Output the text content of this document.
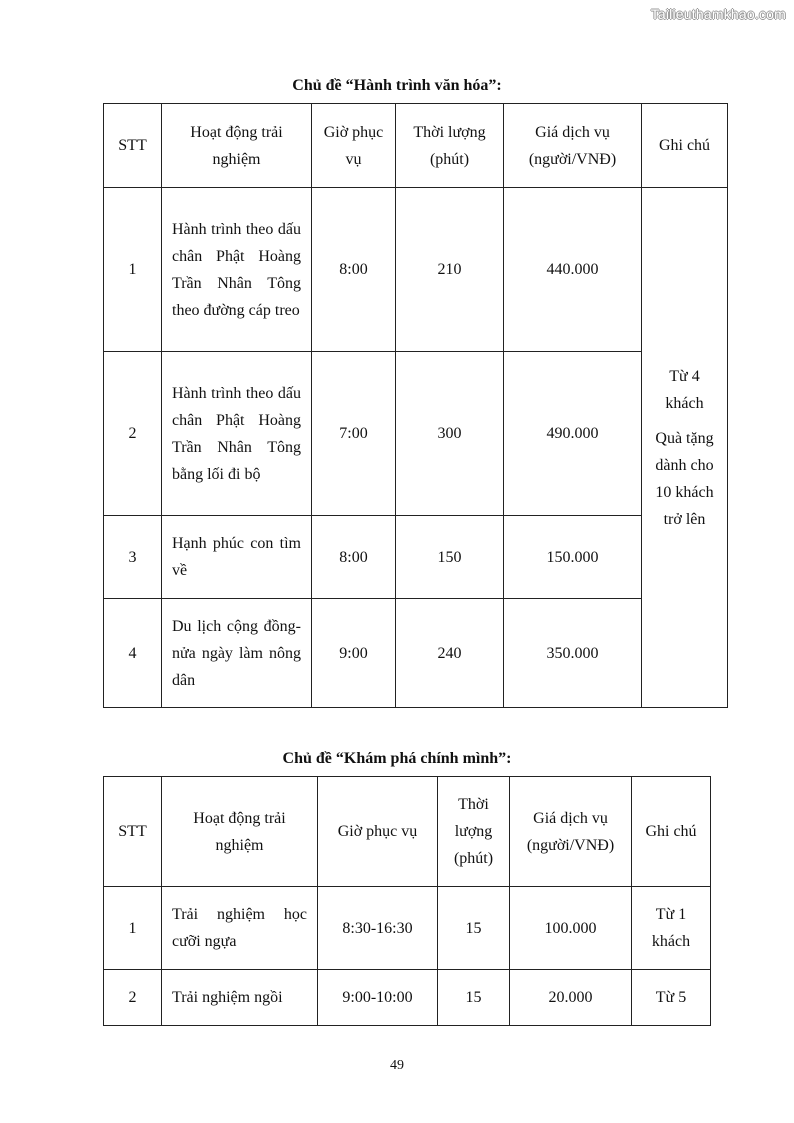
Tailieuthamkhao.com
Chủ đề “Hành trình văn hóa”:
STT	Hoạt động trải nghiệm	Giờ phục vụ	Thời lượng (phút)	Giá dịch vụ (người/VNĐ)	Ghi chú
1	Hành trình theo dấu chân Phật Hoàng Trần Nhân Tông theo đường cáp treo	8:00	210	440.000	Từ 4 khách

Quà tặng dành cho 10 khách trở lên

2	Hành trình theo dấu chân Phật Hoàng Trần Nhân Tông bằng lối đi bộ	7:00	300	490.000	
3	Hạnh phúc con tìm về	8:00	150	150.000	
4	Du lịch cộng đồng- nửa ngày làm nông dân	9:00	240	350.000	
Chủ đề “Khám phá chính mình”:
STT	Hoạt động trải nghiệm	Giờ phục vụ	Thời lượng (phút)	Giá dịch vụ (người/VNĐ)	Ghi chú
1	Trải nghiệm học cưỡi ngựa	8:30-16:30	15	100.000	Từ 1 khách
2	Trải nghiệm ngồi	9:00-10:00	15	20.000	Từ 5
49
